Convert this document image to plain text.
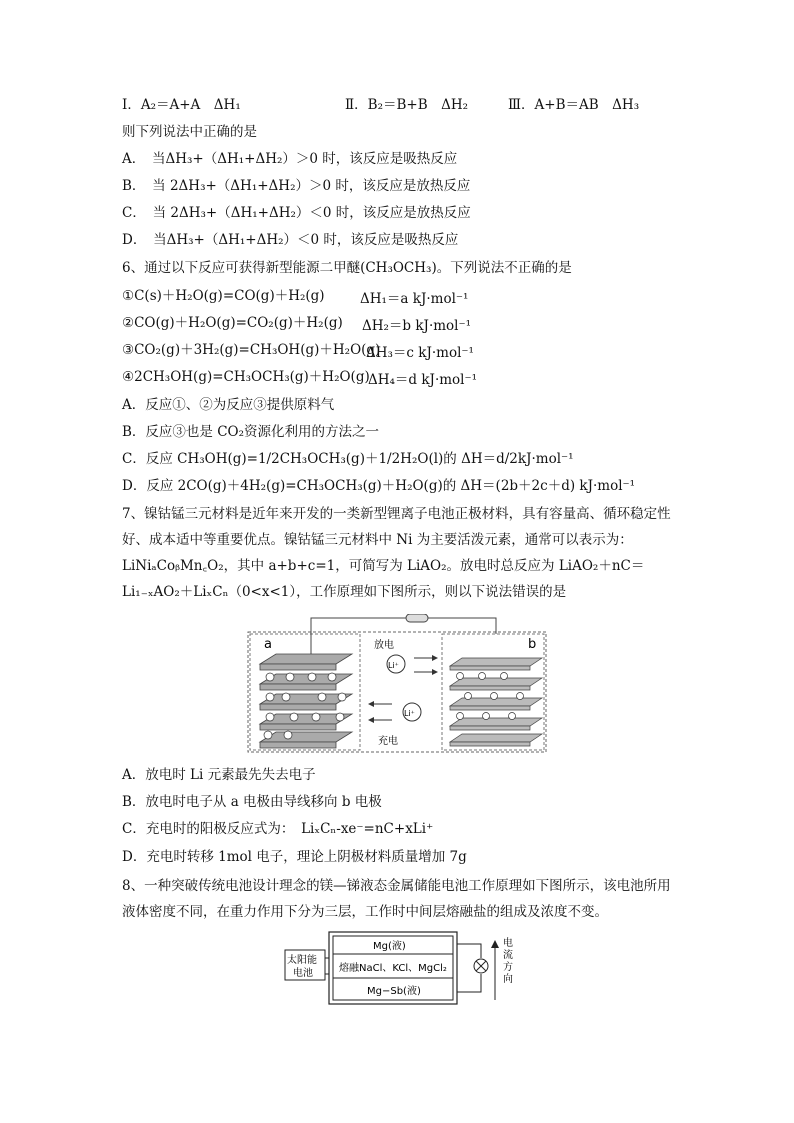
Ⅰ．A₂＝A+A　ΔH₁	Ⅱ．B₂＝B+B　ΔH₂	Ⅲ．A+B＝AB　ΔH₃
则下列说法中正确的是
A．　当ΔH₃+（ΔH₁+ΔH₂）＞0 时，该反应是吸热反应
B．　当 2ΔH₃+（ΔH₁+ΔH₂）＞0 时，该反应是放热反应
C．　当 2ΔH₃+（ΔH₁+ΔH₂）＜0 时，该反应是放热反应
D．　当ΔH₃+（ΔH₁+ΔH₂）＜0 时，该反应是吸热反应
6、通过以下反应可获得新型能源二甲醚(CH₃OCH₃)。下列说法不正确的是
①C(s)＋H₂O(g)=CO(g)＋H₂(g)	ΔH₁＝a kJ·mol⁻¹
②CO(g)＋H₂O(g)=CO₂(g)＋H₂(g) ΔH₂＝b kJ·mol⁻¹
③CO₂(g)＋3H₂(g)=CH₃OH(g)＋H₂O(g)
ΔH₃＝c kJ·mol⁻¹
④2CH₃OH(g)=CH₃OCH₃(g)＋H₂O(g)
ΔH₄＝d kJ·mol⁻¹
A．反应①、②为反应③提供原料气
B．反应③也是 CO₂资源化利用的方法之一
C．反应 CH₃OH(g)=1/2CH₃OCH₃(g)＋1/2H₂O(l)的 ΔH＝d/2kJ·mol⁻¹
D．反应 2CO(g)＋4H₂(g)=CH₃OCH₃(g)＋H₂O(g)的 ΔH＝(2b＋2c＋d) kJ·mol⁻¹
7、镍钴锰三元材料是近年来开发的一类新型锂离子电池正极材料，具有容量高、循环稳定性好、成本适中等重要优点。镍钴锰三元材料中 Ni 为主要活泼元素，通常可以表示为：LiNiₐCoᵦMn꜀O₂，其中 a+b+c=1，可简写为 LiAO₂。放电时总反应为 LiAO₂＋nC＝Li₁₋ₓAO₂＋LiₓCₙ（0<x<1），工作原理如下图所示，则以下说法错误的是
a	b
放电
Li⁺
Li⁺
充电
A．放电时 Li 元素最先失去电子
B．放电时电子从 a 电极由导线移向 b 电极
C．充电时的阳极反应式为：　LiₓCₙ-xe⁻=nC+xLi⁺
D．充电时转移 1mol 电子，理论上阴极材料质量增加 7g
8、一种突破传统电池设计理念的镁—锑液态金属储能电池工作原理如下图所示，该电池所用液体密度不同，在重力作用下分为三层，工作时中间层熔融盐的组成及浓度不变。
太阳能
电池
Mg(液)
熔融NaCl、KCl、MgCl₂
Mg−Sb(液)
电 流 方 向
